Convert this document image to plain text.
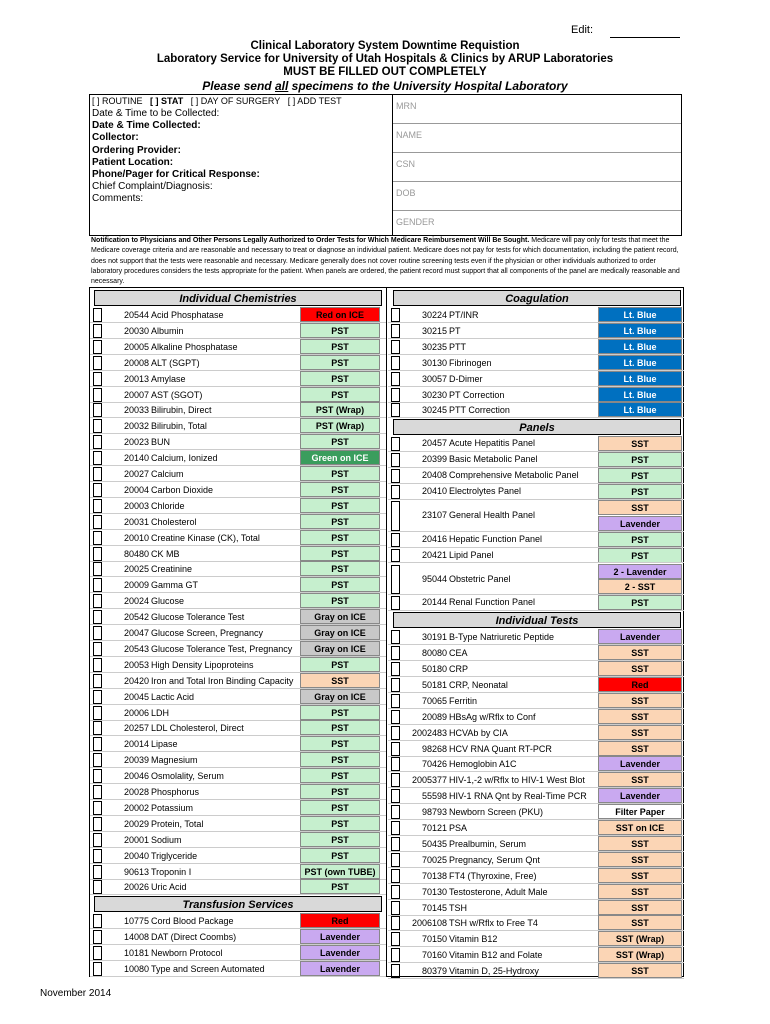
Edit:
Clinical Laboratory System Downtime Requistion
Laboratory Service for University of Utah Hospitals & Clinics by ARUP Laboratories
MUST BE FILLED OUT COMPLETELY
Please send all specimens to the University Hospital Laboratory
[ ] ROUTINE [ ] STAT [ ] DAY OF SURGERY [ ] ADD TEST
Date & Time to be Collected:
Date & Time Collected:
Collector:
Ordering Provider:
Patient Location:
Phone/Pager for Critical Response:
Chief Complaint/Diagnosis:
Comments:
MRN
NAME
CSN
DOB
GENDER
Notification to Physicians and Other Persons Legally Authorized to Order Tests for Which Medicare Reimbursement Will Be Sought. Medicare will pay only for tests that meet the Medicare coverage criteria and are reasonable and necessary to treat or diagnose an individual patient. Medicare does not pay for tests for which documentation, including the patient record, does not support that the tests were reasonable and necessary. Medicare generally does not cover routine screening tests even if the physician or other individuals authorized to order laboratory procedures considers the tests appropriate for the patient. When panels are ordered, the patient record must support that all components of the panel are medically reasonable and necessary.
Individual Chemistries
20544 Acid Phosphatase	Red on ICE
20030 Albumin	PST
20005 Alkaline Phosphatase	PST
20008 ALT (SGPT)	PST
20013 Amylase	PST
20007 AST (SGOT)	PST
20033 Bilirubin, Direct	PST (Wrap)
20032 Bilirubin, Total	PST (Wrap)
20023 BUN	PST
20140 Calcium, Ionized	Green on ICE
20027 Calcium	PST
20004 Carbon Dioxide	PST
20003 Chloride	PST
20031 Cholesterol	PST
20010 Creatine Kinase (CK), Total	PST
80480 CK MB	PST
20025 Creatinine	PST
20009 Gamma GT	PST
20024 Glucose	PST
20542 Glucose Tolerance Test	Gray on ICE
20047 Glucose Screen, Pregnancy	Gray on ICE
20543 Glucose Tolerance Test, Pregnancy	Gray on ICE
20053 High Density Lipoproteins	PST
20420 Iron and Total Iron Binding Capacity	SST
20045 Lactic Acid	Gray on ICE
20006 LDH	PST
20257 LDL Cholesterol, Direct	PST
20014 Lipase	PST
20039 Magnesium	PST
20046 Osmolality, Serum	PST
20028 Phosphorus	PST
20002 Potassium	PST
20029 Protein, Total	PST
20001 Sodium	PST
20040 Triglyceride	PST
90613 Troponin I	PST (own TUBE)
20026 Uric Acid	PST
Transfusion Services
10775 Cord Blood Package	Red
14008 DAT (Direct Coombs)	Lavender
10181 Newborn Protocol	Lavender
10080 Type and Screen Automated	Lavender
Coagulation
30224 PT/INR	Lt. Blue
30215 PT	Lt. Blue
30235 PTT	Lt. Blue
30130 Fibrinogen	Lt. Blue
30057 D-Dimer	Lt. Blue
30230 PT Correction	Lt. Blue
30245 PTT Correction	Lt. Blue
Panels
20457 Acute Hepatitis Panel	SST
20399 Basic Metabolic Panel	PST
20408 Comprehensive Metabolic Panel	PST
20410 Electrolytes Panel	PST
23107 General Health Panel
SST
Lavender
20416 Hepatic Function Panel	PST
20421 Lipid Panel	PST
95044 Obstetric Panel
2 - Lavender
2 - SST
20144 Renal Function Panel	PST
Individual Tests
30191 B-Type Natriuretic Peptide	Lavender
80080 CEA	SST
50180 CRP	SST
50181 CRP, Neonatal	Red
70065 Ferritin	SST
20089 HBsAg w/Rflx to Conf	SST
2002483 HCVAb by CIA	SST
98268 HCV RNA Quant RT-PCR	SST
70426 Hemoglobin A1C	Lavender
2005377 HIV-1,-2 w/Rflx to HIV-1 West Blot	SST
55598 HIV-1 RNA Qnt by Real-Time PCR	Lavender
98793 Newborn Screen (PKU)	Filter Paper
70121 PSA	SST on ICE
50435 Prealbumin, Serum	SST
70025 Pregnancy, Serum Qnt	SST
70138 FT4 (Thyroxine, Free)	SST
70130 Testosterone, Adult Male	SST
70145 TSH	SST
2006108 TSH w/Rflx to Free T4	SST
70150 Vitamin B12	SST (Wrap)
70160 Vitamin B12 and Folate	SST (Wrap)
80379 Vitamin D, 25-Hydroxy	SST
November 2014
